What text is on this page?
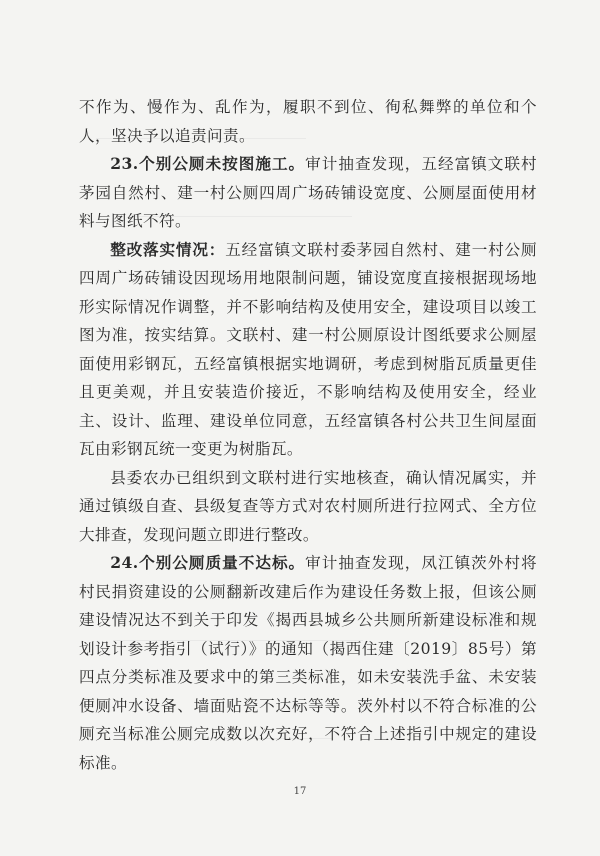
不作为、慢作为、乱作为，履职不到位、徇私舞弊的单位和个人，坚决予以追责问责。

23.个别公厕未按图施工。审计抽查发现，五经富镇文联村茅园自然村、建一村公厕四周广场砖铺设宽度、公厕屋面使用材料与图纸不符。

整改落实情况：五经富镇文联村委茅园自然村、建一村公厕四周广场砖铺设因现场用地限制问题，铺设宽度直接根据现场地形实际情况作调整，并不影响结构及使用安全，建设项目以竣工图为准，按实结算。文联村、建一村公厕原设计图纸要求公厕屋面使用彩钢瓦，五经富镇根据实地调研，考虑到树脂瓦质量更佳且更美观，并且安装造价接近，不影响结构及使用安全，经业主、设计、监理、建设单位同意，五经富镇各村公共卫生间屋面瓦由彩钢瓦统一变更为树脂瓦。

县委农办已组织到文联村进行实地核查，确认情况属实，并通过镇级自查、县级复查等方式对农村厕所进行拉网式、全方位大排查，发现问题立即进行整改。

24.个别公厕质量不达标。审计抽查发现，凤江镇茨外村将村民捐资建设的公厕翻新改建后作为建设任务数上报，但该公厕建设情况达不到关于印发《揭西县城乡公共厕所新建设标准和规划设计参考指引（试行）》的通知（揭西住建〔2019〕85号）第四点分类标准及要求中的第三类标准，如未安装洗手盆、未安装便厕冲水设备、墙面贴瓷不达标等等。茨外村以不符合标准的公厕充当标准公厕完成数以次充好，不符合上述指引中规定的建设标准。

17
